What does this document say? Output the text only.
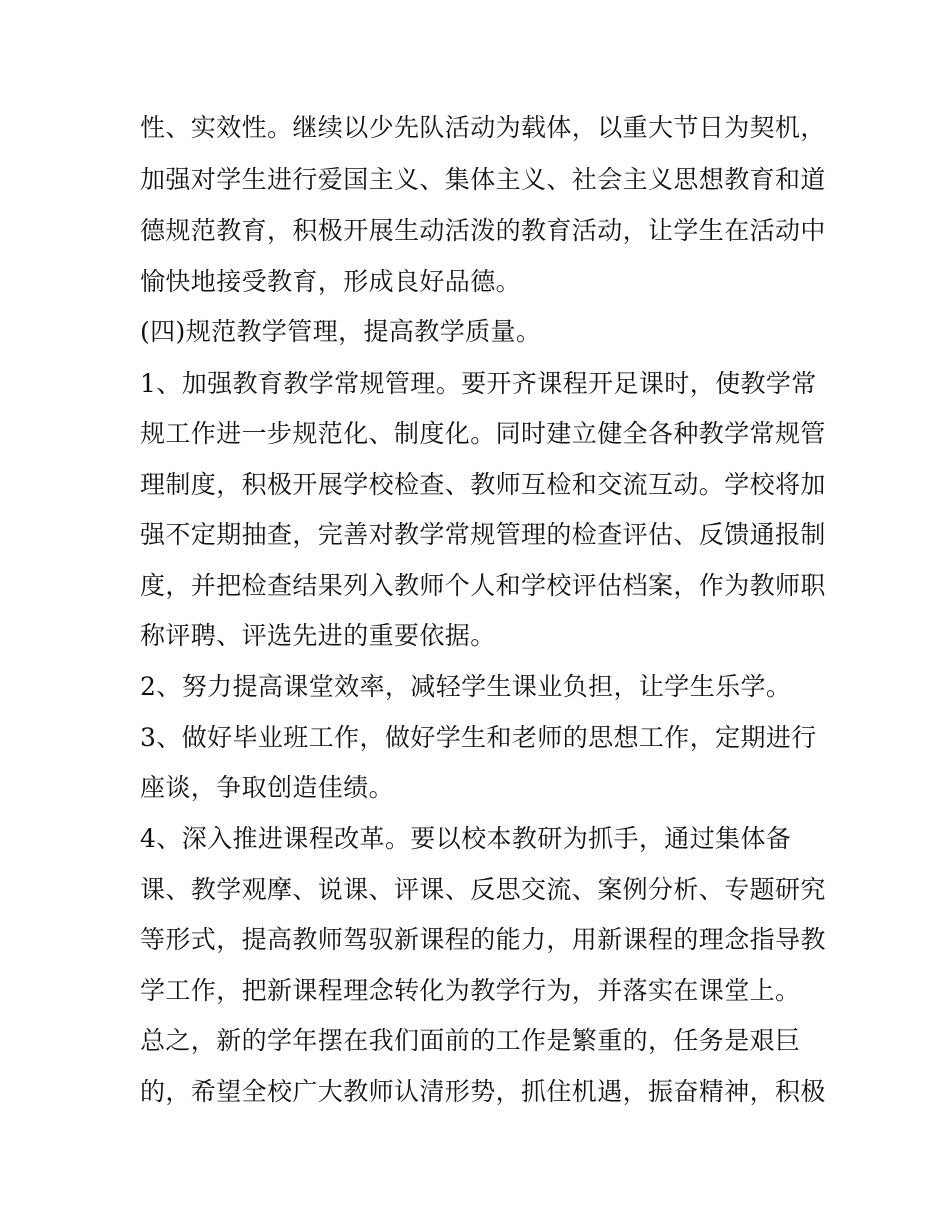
性、实效性。继续以少先队活动为载体，以重大节日为契机，
加强对学生进行爱国主义、集体主义、社会主义思想教育和道
德规范教育，积极开展生动活泼的教育活动，让学生在活动中
愉快地接受教育，形成良好品德。
(四)规范教学管理，提高教学质量。
1、加强教育教学常规管理。要开齐课程开足课时，使教学常
规工作进一步规范化、制度化。同时建立健全各种教学常规管
理制度，积极开展学校检查、教师互检和交流互动。学校将加
强不定期抽查，完善对教学常规管理的检查评估、反馈通报制
度，并把检查结果列入教师个人和学校评估档案，作为教师职
称评聘、评选先进的重要依据。
2、努力提高课堂效率，减轻学生课业负担，让学生乐学。
3、做好毕业班工作，做好学生和老师的思想工作，定期进行
座谈，争取创造佳绩。
4、深入推进课程改革。要以校本教研为抓手，通过集体备
课、教学观摩、说课、评课、反思交流、案例分析、专题研究
等形式，提高教师驾驭新课程的能力，用新课程的理念指导教
学工作，把新课程理念转化为教学行为，并落实在课堂上。
总之，新的学年摆在我们面前的工作是繁重的，任务是艰巨
的，希望全校广大教师认清形势，抓住机遇，振奋精神，积极
